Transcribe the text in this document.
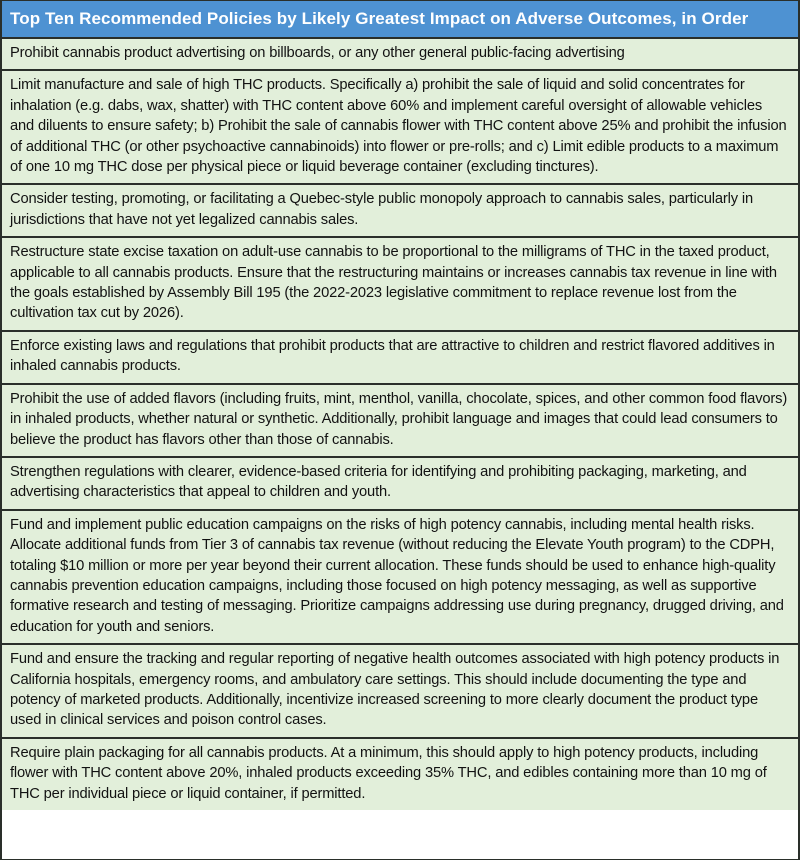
Top Ten Recommended Policies by Likely Greatest Impact on Adverse Outcomes, in Order
Prohibit cannabis product advertising on billboards, or any other general public-facing advertising
Limit manufacture and sale of high THC products. Specifically a) prohibit the sale of liquid and solid concentrates for inhalation (e.g. dabs, wax, shatter) with THC content above 60% and implement careful oversight of allowable vehicles and diluents to ensure safety; b) Prohibit the sale of cannabis flower with THC content above 25% and prohibit the infusion of additional THC (or other psychoactive cannabinoids) into flower or pre-rolls; and c) Limit edible products to a maximum of one 10 mg THC dose per physical piece or liquid beverage container (excluding tinctures).
Consider testing, promoting, or facilitating a Quebec-style public monopoly approach to cannabis sales, particularly in jurisdictions that have not yet legalized cannabis sales.
Restructure state excise taxation on adult-use cannabis to be proportional to the milligrams of THC in the taxed product, applicable to all cannabis products. Ensure that the restructuring maintains or increases cannabis tax revenue in line with the goals established by Assembly Bill 195 (the 2022-2023 legislative commitment to replace revenue lost from the cultivation tax cut by 2026).
Enforce existing laws and regulations that prohibit products that are attractive to children and restrict flavored additives in inhaled cannabis products.
Prohibit the use of added flavors (including fruits, mint, menthol, vanilla, chocolate, spices, and other common food flavors) in inhaled products, whether natural or synthetic. Additionally, prohibit language and images that could lead consumers to believe the product has flavors other than those of cannabis.
Strengthen regulations with clearer, evidence-based criteria for identifying and prohibiting packaging, marketing, and advertising characteristics that appeal to children and youth.
Fund and implement public education campaigns on the risks of high potency cannabis, including mental health risks. Allocate additional funds from Tier 3 of cannabis tax revenue (without reducing the Elevate Youth program) to the CDPH, totaling $10 million or more per year beyond their current allocation. These funds should be used to enhance high-quality cannabis prevention education campaigns, including those focused on high potency messaging, as well as supportive formative research and testing of messaging. Prioritize campaigns addressing use during pregnancy, drugged driving, and education for youth and seniors.
Fund and ensure the tracking and regular reporting of negative health outcomes associated with high potency products in California hospitals, emergency rooms, and ambulatory care settings. This should include documenting the type and potency of marketed products. Additionally, incentivize increased screening to more clearly document the product type used in clinical services and poison control cases.
Require plain packaging for all cannabis products. At a minimum, this should apply to high potency products, including flower with THC content above 20%, inhaled products exceeding 35% THC, and edibles containing more than 10 mg of THC per individual piece or liquid container, if permitted.
